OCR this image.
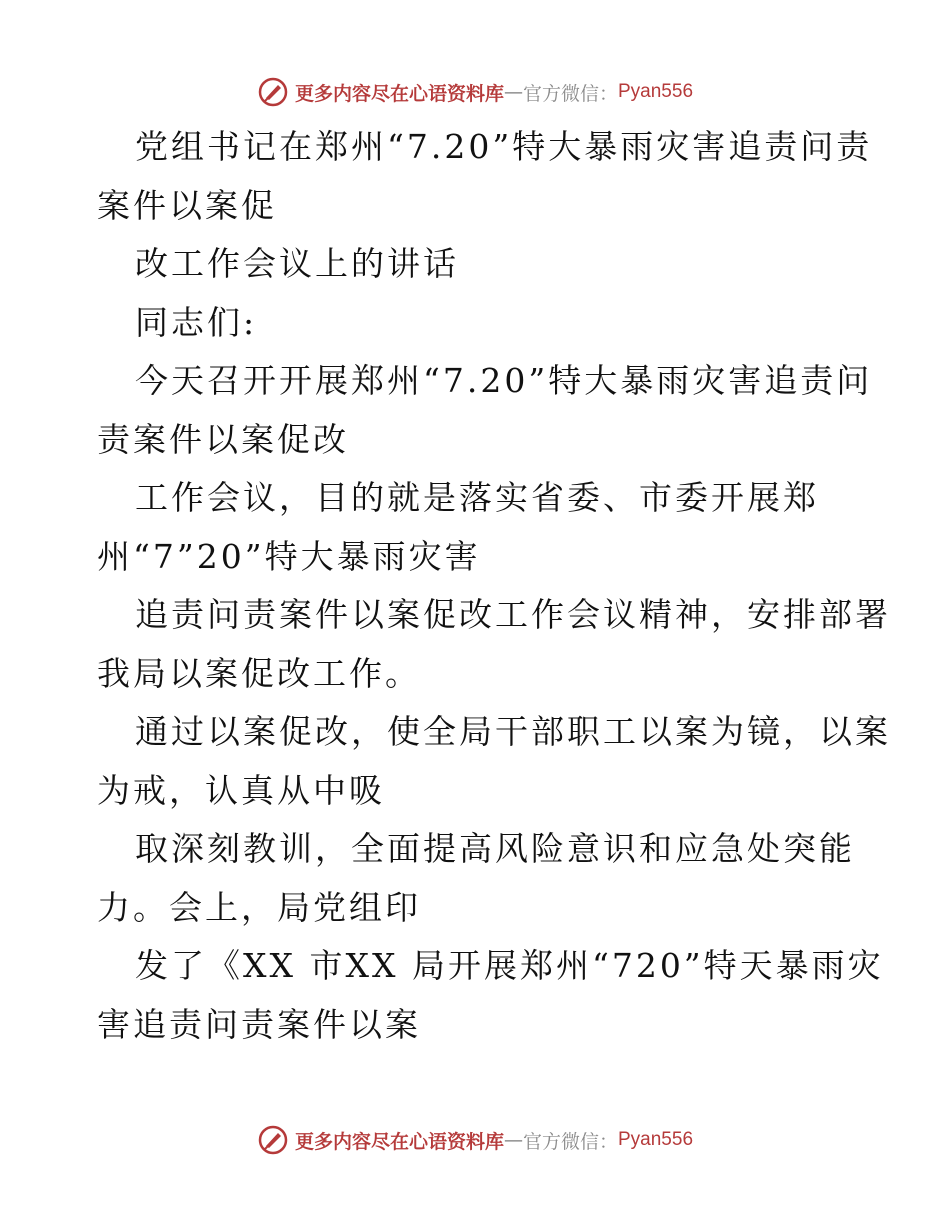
更多内容尽在心语资料库 — 官方微信： Pyan556
党组书记在郑州“7.20”特大暴雨灾害追责问责
案件以案促
改工作会议上的讲话
同志们:
今天召开开展郑州“7.20”特大暴雨灾害追责问
责案件以案促改
工作会议，目的就是落实省委、市委开展郑
州“7”20”特大暴雨灾害
追责问责案件以案促改工作会议精神，安排部署
我局以案促改工作。
通过以案促改，使全局干部职工以案为镜，以案
为戒，认真从中吸
取深刻教训，全面提高风险意识和应急处突能
力。会上，局党组印
发了《XX 市XX 局开展郑州“720”特天暴雨灾
害追责问责案件以案
更多内容尽在心语资料库 — 官方微信： Pyan556
